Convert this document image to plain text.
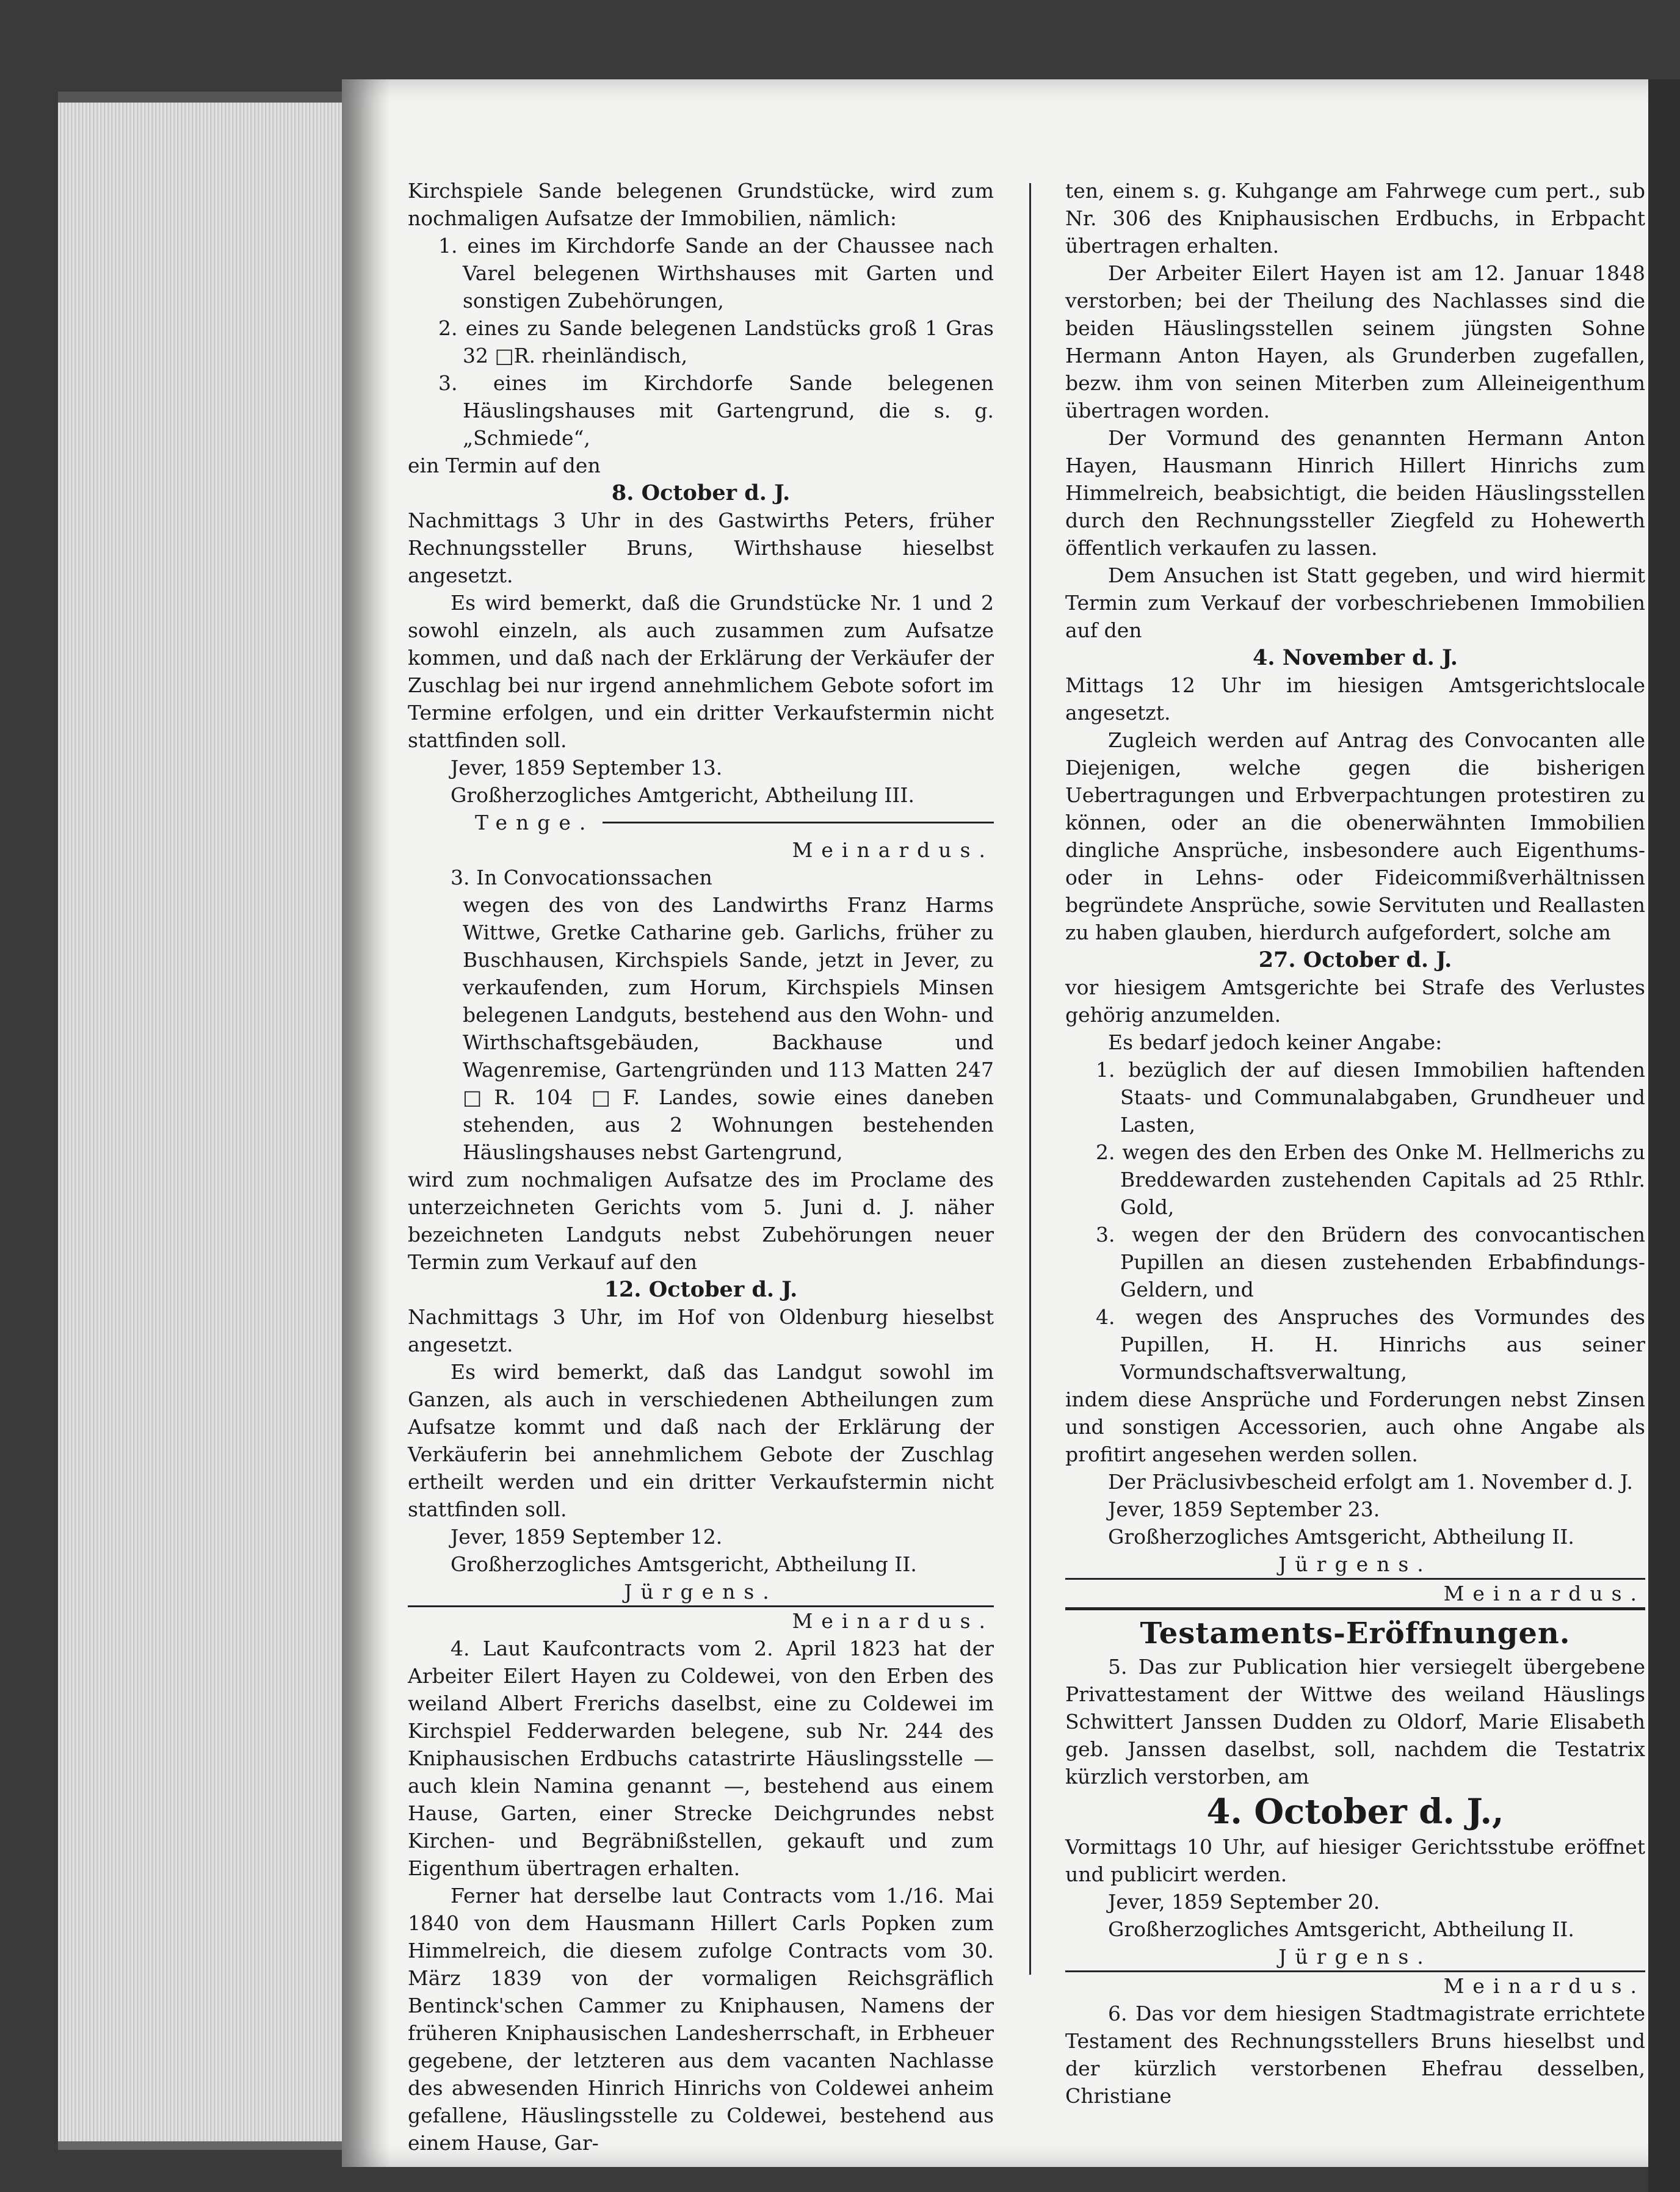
Kirchspiele Sande belegenen Grundstücke, wird zum nochmaligen Aufsatze der Immobilien, nämlich:

1. eines im Kirchdorfe Sande an der Chaussee nach Varel belegenen Wirthshauses mit Garten und sonstigen Zubehörungen,

2. eines zu Sande belegenen Landstücks groß 1 Gras 32 □R. rheinländisch,

3. eines im Kirchdorfe Sande belegenen Häuslingshauses mit Gartengrund, die s. g. „Schmiede“,

ein Termin auf den

8. October d. J.

Nachmittags 3 Uhr in des Gastwirths Peters, früher Rechnungssteller Bruns, Wirthshause hieselbst angesetzt.

Es wird bemerkt, daß die Grundstücke Nr. 1 und 2 sowohl einzeln, als auch zusammen zum Aufsatze kommen, und daß nach der Erklärung der Verkäufer der Zuschlag bei nur irgend annehmlichem Gebote sofort im Termine erfolgen, und ein dritter Verkaufstermin nicht stattfinden soll.

Jever, 1859 September 13.

Großherzogliches Amtgericht, Abtheilung III.

Tenge.

Meinardus.

3. In Convocationssachen

wegen des von des Landwirths Franz Harms Wittwe, Gretke Catharine geb. Garlichs, früher zu Buschhausen, Kirchspiels Sande, jetzt in Jever, zu verkaufenden, zum Horum, Kirchspiels Minsen belegenen Landguts, bestehend aus den Wohn- und Wirthschaftsgebäuden, Backhause und Wagenremise, Gartengründen und 113 Matten 247 □R. 104 □F. Landes, sowie eines daneben stehenden, aus 2 Wohnungen bestehenden Häuslingshauses nebst Gartengrund,

wird zum nochmaligen Aufsatze des im Proclame des unterzeichneten Gerichts vom 5. Juni d. J. näher bezeichneten Landguts nebst Zubehörungen neuer Termin zum Verkauf auf den

12. October d. J.

Nachmittags 3 Uhr, im Hof von Oldenburg hieselbst angesetzt.

Es wird bemerkt, daß das Landgut sowohl im Ganzen, als auch in verschiedenen Abtheilungen zum Aufsatze kommt und daß nach der Erklärung der Verkäuferin bei annehmlichem Gebote der Zuschlag ertheilt werden und ein dritter Verkaufstermin nicht stattfinden soll.

Jever, 1859 September 12.

Großherzogliches Amtsgericht, Abtheilung II.

Jürgens.

Meinardus.

4. Laut Kaufcontracts vom 2. April 1823 hat der Arbeiter Eilert Hayen zu Coldewei, von den Erben des weiland Albert Frerichs daselbst, eine zu Coldewei im Kirchspiel Fedderwarden belegene, sub Nr. 244 des Kniphausischen Erdbuchs catastrirte Häuslingsstelle — auch klein Namina genannt —, bestehend aus einem Hause, Garten, einer Strecke Deichgrundes nebst Kirchen- und Begräbnißstellen, gekauft und zum Eigenthum übertragen erhalten.

Ferner hat derselbe laut Contracts vom 1./16. Mai 1840 von dem Hausmann Hillert Carls Popken zum Himmelreich, die diesem zufolge Contracts vom 30. März 1839 von der vormaligen Reichsgräflich Bentinck'schen Cammer zu Kniphausen, Namens der früheren Kniphausischen Landesherrschaft, in Erbheuer gegebene, der letzteren aus dem vacanten Nachlasse des abwesenden Hinrich Hinrichs von Coldewei anheim gefallene, Häuslingsstelle zu Coldewei, bestehend aus einem Hause, Gar-

ten, einem s. g. Kuhgange am Fahrwege cum pert., sub Nr. 306 des Kniphausischen Erdbuchs, in Erbpacht übertragen erhalten.

Der Arbeiter Eilert Hayen ist am 12. Januar 1848 verstorben; bei der Theilung des Nachlasses sind die beiden Häuslingsstellen seinem jüngsten Sohne Hermann Anton Hayen, als Grunderben zugefallen, bezw. ihm von seinen Miterben zum Alleineigenthum übertragen worden.

Der Vormund des genannten Hermann Anton Hayen, Hausmann Hinrich Hillert Hinrichs zum Himmelreich, beabsichtigt, die beiden Häuslingsstellen durch den Rechnungssteller Ziegfeld zu Hohewerth öffentlich verkaufen zu lassen.

Dem Ansuchen ist Statt gegeben, und wird hiermit Termin zum Verkauf der vorbeschriebenen Immobilien auf den

4. November d. J.

Mittags 12 Uhr im hiesigen Amtsgerichtslocale angesetzt.

Zugleich werden auf Antrag des Convocanten alle Diejenigen, welche gegen die bisherigen Uebertragungen und Erbverpachtungen protestiren zu können, oder an die obenerwähnten Immobilien dingliche Ansprüche, insbesondere auch Eigenthums- oder in Lehns- oder Fideicommißverhältnissen begründete Ansprüche, sowie Servituten und Reallasten zu haben glauben, hierdurch aufgefordert, solche am

27. October d. J.

vor hiesigem Amtsgerichte bei Strafe des Verlustes gehörig anzumelden.

Es bedarf jedoch keiner Angabe:

1. bezüglich der auf diesen Immobilien haftenden Staats- und Communalabgaben, Grundheuer und Lasten,

2. wegen des den Erben des Onke M. Hellmerichs zu Breddewarden zustehenden Capitals ad 25 Rthlr. Gold,

3. wegen der den Brüdern des convocantischen Pupillen an diesen zustehenden Erbabfindungs-Geldern, und

4. wegen des Anspruches des Vormundes des Pupillen, H. H. Hinrichs aus seiner Vormundschaftsverwaltung,

indem diese Ansprüche und Forderungen nebst Zinsen und sonstigen Accessorien, auch ohne Angabe als profitirt angesehen werden sollen.

Der Präclusivbescheid erfolgt am 1. November d. J.

Jever, 1859 September 23.

Großherzogliches Amtsgericht, Abtheilung II.

Jürgens.

Meinardus.

Testaments-Eröffnungen.

5. Das zur Publication hier versiegelt übergebene Privattestament der Wittwe des weiland Häuslings Schwittert Janssen Dudden zu Oldorf, Marie Elisabeth geb. Janssen daselbst, soll, nachdem die Testatrix kürzlich verstorben, am

4. October d. J.,

Vormittags 10 Uhr, auf hiesiger Gerichtsstube eröffnet und publicirt werden.

Jever, 1859 September 20.

Großherzogliches Amtsgericht, Abtheilung II.

Jürgens.

Meinardus.

6. Das vor dem hiesigen Stadtmagistrate errichtete Testament des Rechnungsstellers Bruns hieselbst und der kürzlich verstorbenen Ehefrau desselben, Christiane
